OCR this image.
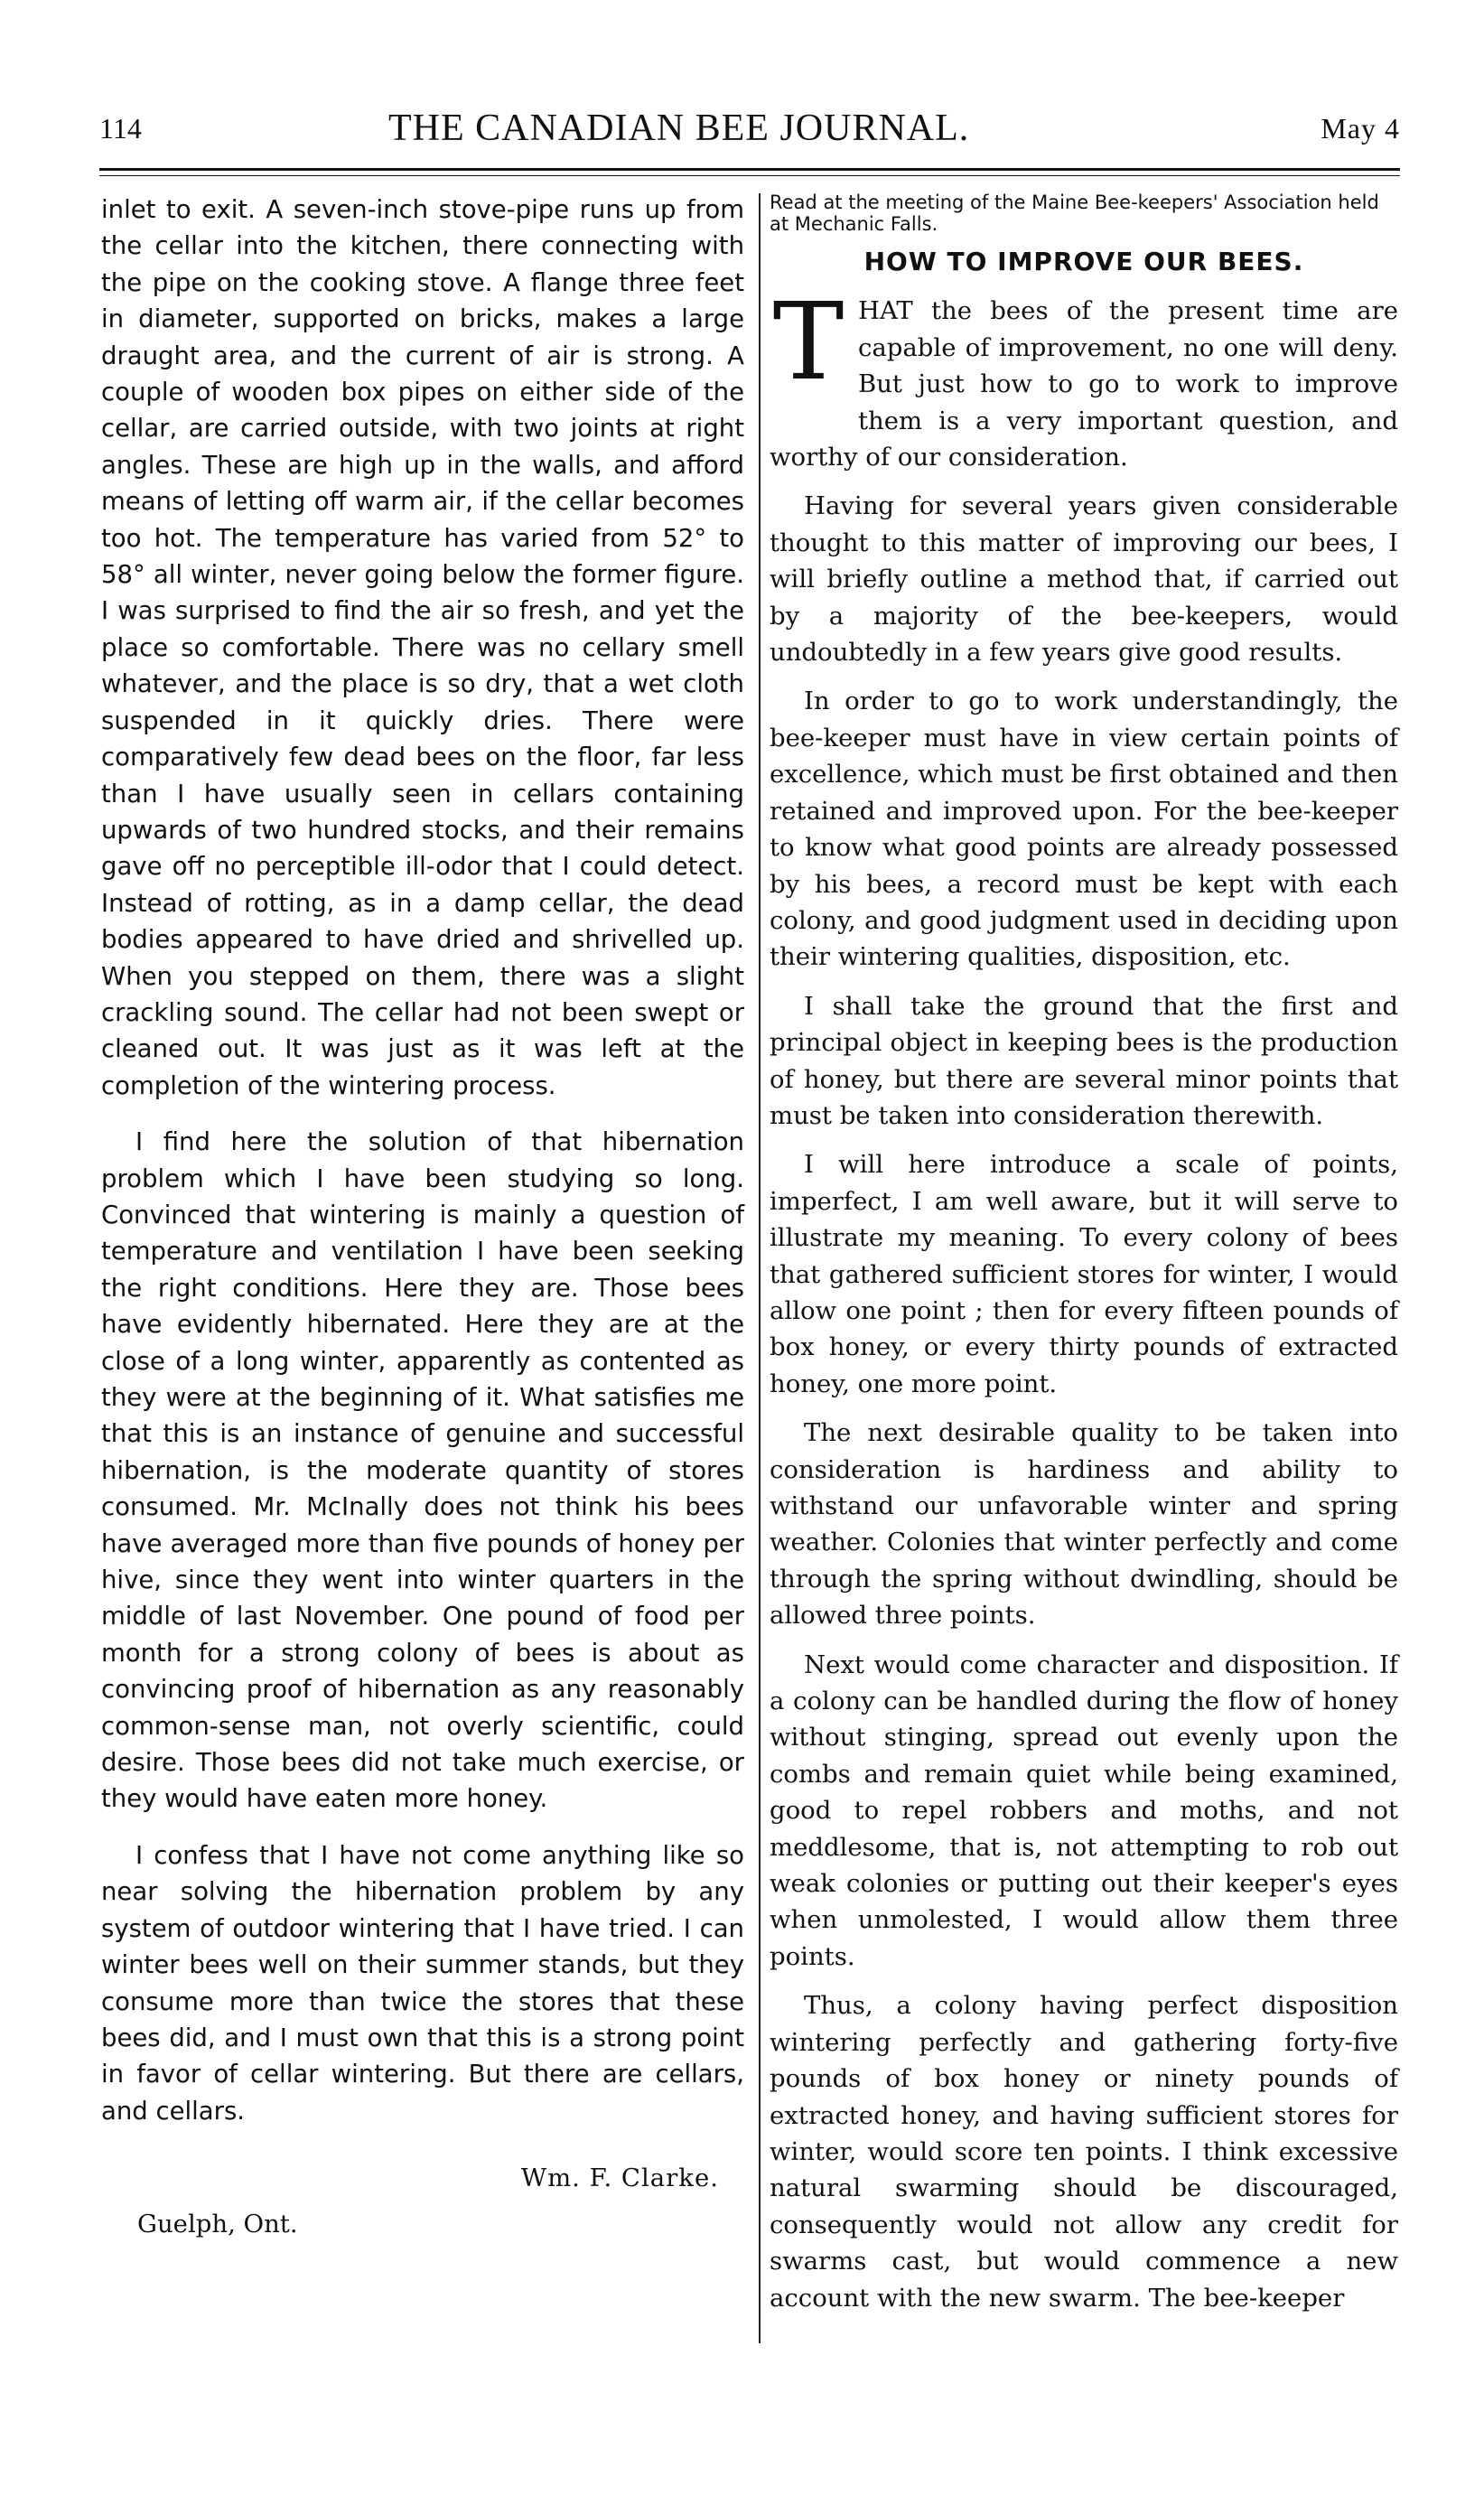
114	THE CANADIAN BEE JOURNAL.	May 4

inlet to exit. A seven-inch stove-pipe runs up from the cellar into the kitchen, there connecting with the pipe on the cooking stove. A flange three feet in diameter, supported on bricks, makes a large draught area, and the current of air is strong. A couple of wooden box pipes on either side of the cellar, are carried outside, with two joints at right angles. These are high up in the walls, and afford means of letting off warm air, if the cellar becomes too hot. The temperature has varied from 52° to 58° all winter, never going below the former figure. I was surprised to find the air so fresh, and yet the place so comfortable. There was no cellary smell whatever, and the place is so dry, that a wet cloth suspended in it quickly dries. There were comparatively few dead bees on the floor, far less than I have usually seen in cellars containing upwards of two hundred stocks, and their remains gave off no perceptible ill-odor that I could detect. Instead of rotting, as in a damp cellar, the dead bodies appeared to have dried and shrivelled up. When you stepped on them, there was a slight crackling sound. The cellar had not been swept or cleaned out. It was just as it was left at the completion of the wintering process.

I find here the solution of that hibernation problem which I have been studying so long. Convinced that wintering is mainly a question of temperature and ventilation I have been seeking the right conditions. Here they are. Those bees have evidently hibernated. Here they are at the close of a long winter, apparently as contented as they were at the beginning of it. What satisfies me that this is an instance of genuine and successful hibernation, is the moderate quantity of stores consumed. Mr. McInally does not think his bees have averaged more than five pounds of honey per hive, since they went into winter quarters in the middle of last November. One pound of food per month for a strong colony of bees is about as convincing proof of hibernation as any reasonably common-sense man, not overly scientific, could desire. Those bees did not take much exercise, or they would have eaten more honey.

I confess that I have not come anything like so near solving the hibernation problem by any system of outdoor wintering that I have tried. I can winter bees well on their summer stands, but they consume more than twice the stores that these bees did, and I must own that this is a strong point in favor of cellar wintering. But there are cellars, and cellars.

Wm. F. Clarke.
Guelph, Ont.
Read at the meeting of the Maine Bee-keepers' Association held at Mechanic Falls.
HOW TO IMPROVE OUR BEES.
T HAT the bees of the present time are capable of improvement, no one will deny. But just how to go to work to improve them is a very important question, and worthy of our consideration.

Having for several years given considerable thought to this matter of improving our bees, I will briefly outline a method that, if carried out by a majority of the bee-keepers, would undoubtedly in a few years give good results.

In order to go to work understandingly, the bee-keeper must have in view certain points of excellence, which must be first obtained and then retained and improved upon. For the bee-keeper to know what good points are already possessed by his bees, a record must be kept with each colony, and good judgment used in deciding upon their wintering qualities, disposition, etc.

I shall take the ground that the first and principal object in keeping bees is the production of honey, but there are several minor points that must be taken into consideration therewith.

I will here introduce a scale of points, imperfect, I am well aware, but it will serve to illustrate my meaning. To every colony of bees that gathered sufficient stores for winter, I would allow one point ; then for every fifteen pounds of box honey, or every thirty pounds of extracted honey, one more point.

The next desirable quality to be taken into consideration is hardiness and ability to withstand our unfavorable winter and spring weather. Colonies that winter perfectly and come through the spring without dwindling, should be allowed three points.

Next would come character and disposition. If a colony can be handled during the flow of honey without stinging, spread out evenly upon the combs and remain quiet while being examined, good to repel robbers and moths, and not meddlesome, that is, not attempting to rob out weak colonies or putting out their keeper's eyes when unmolested, I would allow them three points.

Thus, a colony having perfect disposition wintering perfectly and gathering forty-five pounds of box honey or ninety pounds of extracted honey, and having sufficient stores for winter, would score ten points. I think excessive natural swarming should be discouraged, consequently would not allow any credit for swarms cast, but would commence a new account with the new swarm. The bee-keeper
